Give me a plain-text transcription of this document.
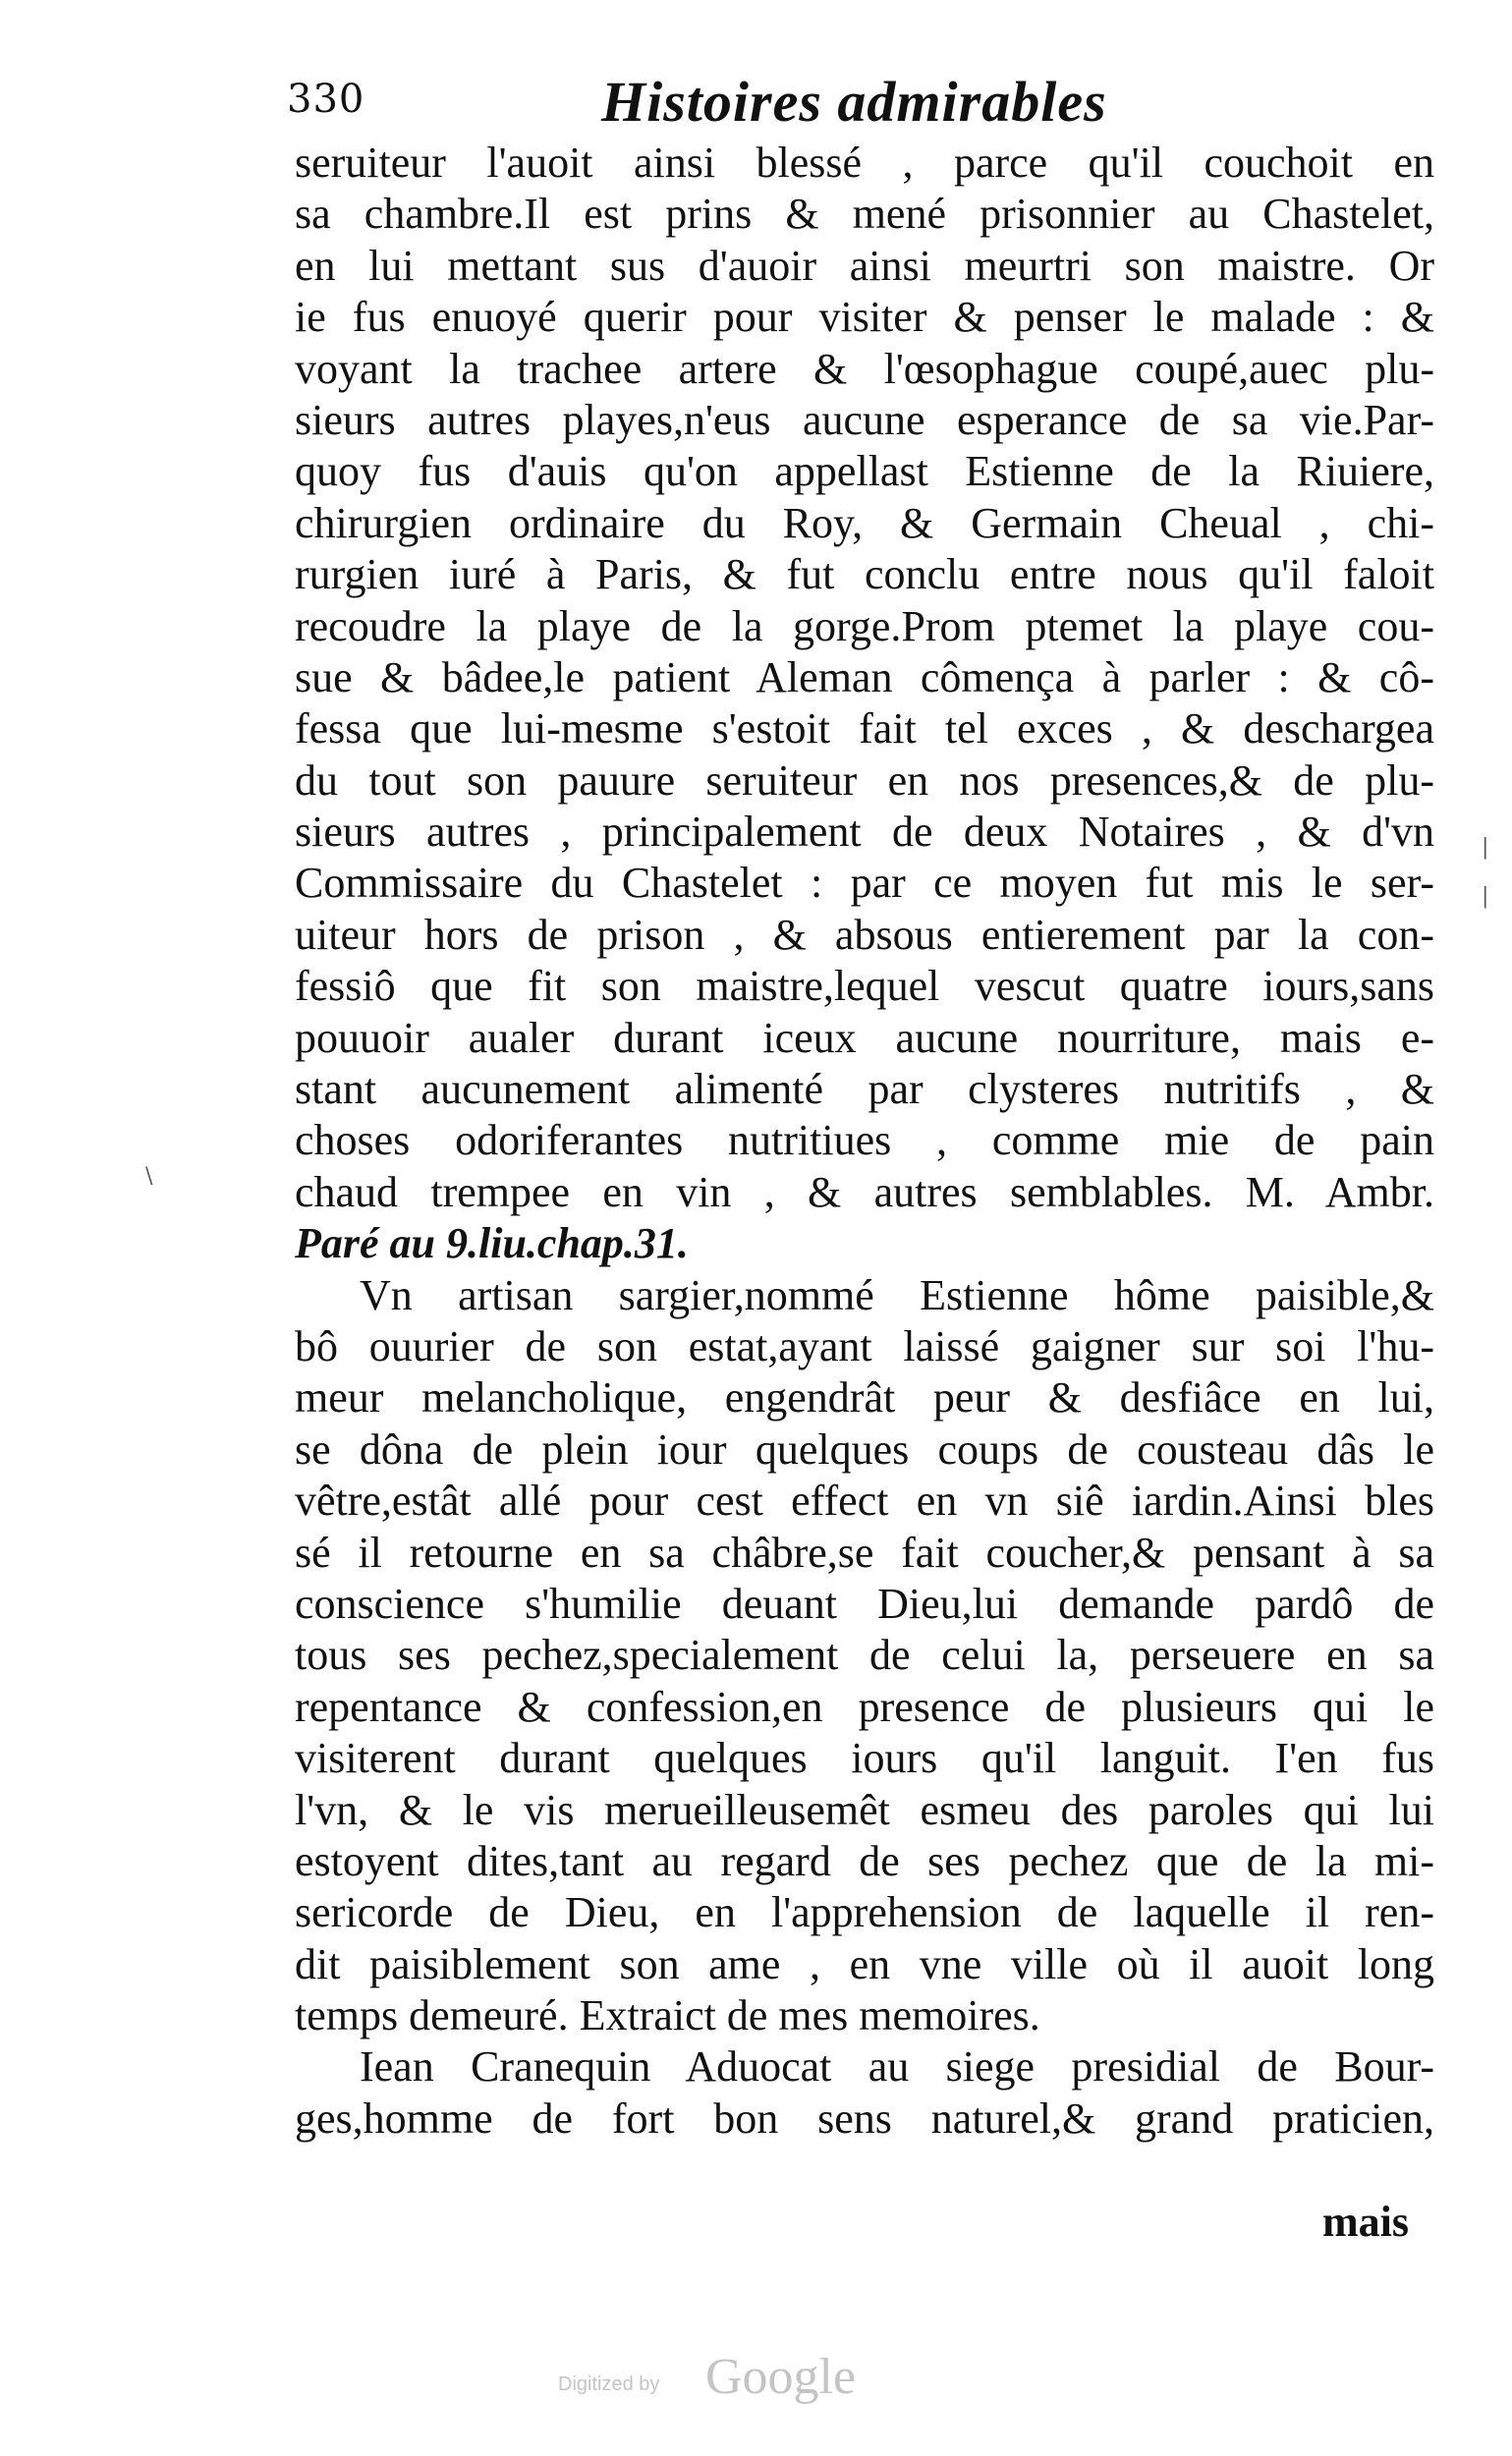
330	Histoires admirables
seruiteur l'auoit ainsi blessé , parce qu'il couchoit en
sa chambre.Il est prins & mené prisonnier au Chastelet,
en lui mettant sus d'auoir ainsi meurtri son maistre. Or
ie fus enuoyé querir pour visiter & penser le malade : &
voyant la trachee artere & l'œsophague coupé,auec plu-
sieurs autres playes,n'eus aucune esperance de sa vie.Par-
quoy fus d'auis qu'on appellast Estienne de la Riuiere,
chirurgien ordinaire du Roy, & Germain Cheual , chi-
rurgien iuré à Paris, & fut conclu entre nous qu'il faloit
recoudre la playe de la gorge.Prom ptemet la playe cou-
sue & bâdee,le patient Aleman cômença à parler : & cô-
fessa que lui-mesme s'estoit fait tel exces , & deschargea
du tout son pauure seruiteur en nos presences,& de plu-
sieurs autres , principalement de deux Notaires , & d'vn
Commissaire du Chastelet : par ce moyen fut mis le ser-
uiteur hors de prison , & absous entierement par la con-
fessiô que fit son maistre,lequel vescut quatre iours,sans
pouuoir aualer durant iceux aucune nourriture, mais e-
stant aucunement alimenté par clysteres nutritifs , &
choses odoriferantes nutritiues , comme mie de pain
chaud trempee en vin , & autres semblables. M. Ambr.
Paré au 9.liu.chap.31.
Vn artisan sargier,nommé Estienne hôme paisible,&
bô ouurier de son estat,ayant laissé gaigner sur soi l'hu-
meur melancholique, engendrât peur & desfiâce en lui,
se dôna de plein iour quelques coups de cousteau dâs le
vêtre,estât allé pour cest effect en vn siê iardin.Ainsi bles
sé il retourne en sa châbre,se fait coucher,& pensant à sa
conscience s'humilie deuant Dieu,lui demande pardô de
tous ses pechez,specialement de celui la, perseuere en sa
repentance & confession,en presence de plusieurs qui le
visiterent durant quelques iours qu'il languit. I'en fus
l'vn, & le vis merueilleusemêt esmeu des paroles qui lui
estoyent dites,tant au regard de ses pechez que de la mi-
sericorde de Dieu, en l'apprehension de laquelle il ren-
dit paisiblement son ame , en vne ville où il auoit long
temps demeuré. Extraict de mes memoires.
Iean Cranequin Aduocat au siege presidial de Bour-
ges,homme de fort bon sens naturel,& grand praticien,
mais
|
|
\
Digitized by Google
